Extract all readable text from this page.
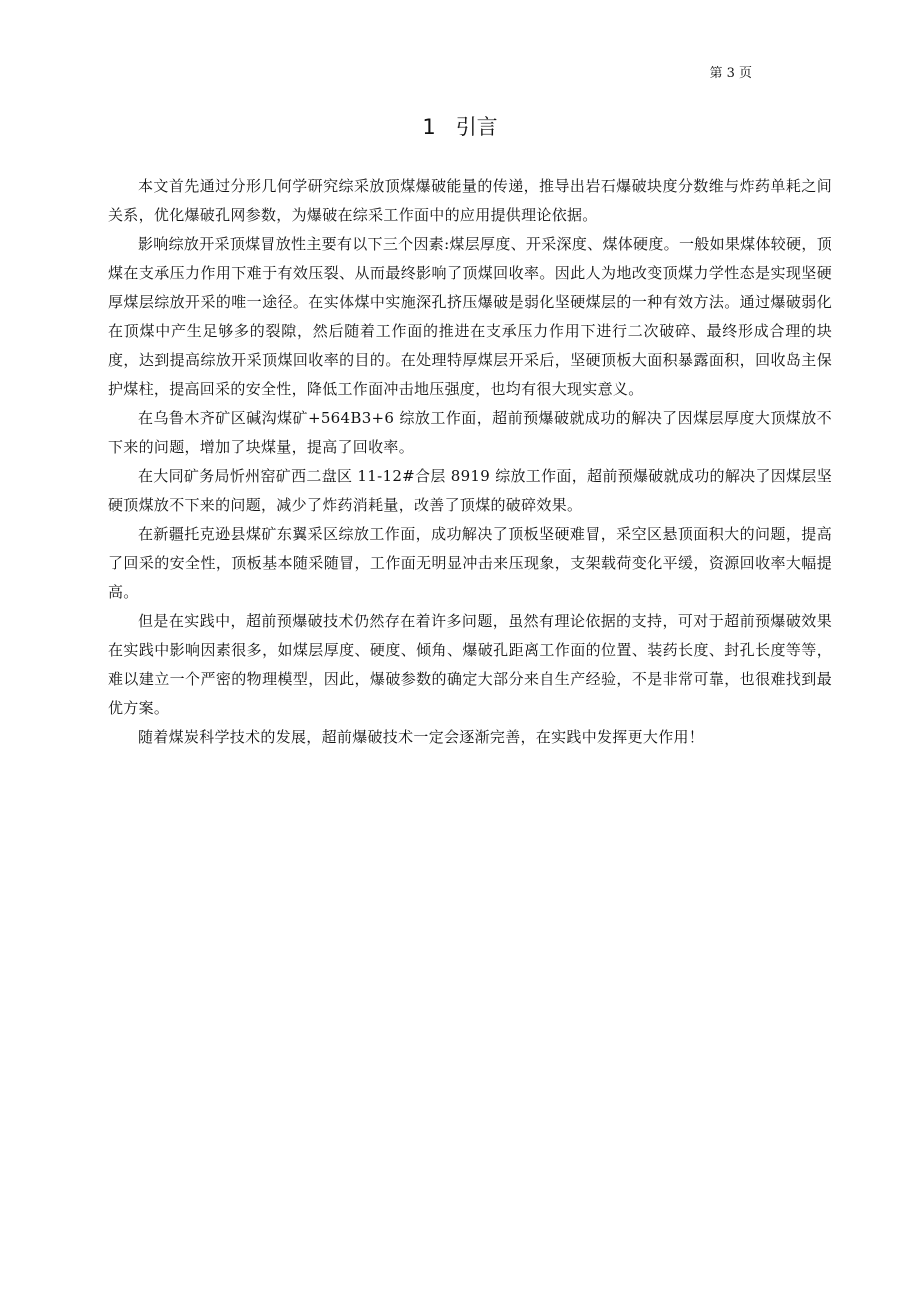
第 3 页
1 引言

本文首先通过分形几何学研究综采放顶煤爆破能量的传递，推导出岩石爆破块度分数维与炸药单耗之间关系，优化爆破孔网参数，为爆破在综采工作面中的应用提供理论依据。

影响综放开采顶煤冒放性主要有以下三个因素:煤层厚度、开采深度、煤体硬度。一般如果煤体较硬，顶煤在支承压力作用下难于有效压裂、从而最终影响了顶煤回收率。因此人为地改变顶煤力学性态是实现坚硬厚煤层综放开采的唯一途径。在实体煤中实施深孔挤压爆破是弱化坚硬煤层的一种有效方法。通过爆破弱化在顶煤中产生足够多的裂隙，然后随着工作面的推进在支承压力作用下进行二次破碎、最终形成合理的块度，达到提高综放开采顶煤回收率的目的。在处理特厚煤层开采后，坚硬顶板大面积暴露面积，回收岛主保护煤柱，提高回采的安全性，降低工作面冲击地压强度，也均有很大现实意义。

在乌鲁木齐矿区碱沟煤矿+564B3+6 综放工作面，超前预爆破就成功的解决了因煤层厚度大顶煤放不下来的问题，增加了块煤量，提高了回收率。

在大同矿务局忻州窑矿西二盘区 11-12#合层 8919 综放工作面，超前预爆破就成功的解决了因煤层坚硬顶煤放不下来的问题，减少了炸药消耗量，改善了顶煤的破碎效果。

在新疆托克逊县煤矿东翼采区综放工作面，成功解决了顶板坚硬难冒，采空区悬顶面积大的问题，提高了回采的安全性，顶板基本随采随冒，工作面无明显冲击来压现象，支架载荷变化平缓，资源回收率大幅提高。

但是在实践中，超前预爆破技术仍然存在着许多问题，虽然有理论依据的支持，可对于超前预爆破效果在实践中影响因素很多，如煤层厚度、硬度、倾角、爆破孔距离工作面的位置、装药长度、封孔长度等等，难以建立一个严密的物理模型，因此，爆破参数的确定大部分来自生产经验，不是非常可靠，也很难找到最优方案。

随着煤炭科学技术的发展，超前爆破技术一定会逐渐完善，在实践中发挥更大作用！
